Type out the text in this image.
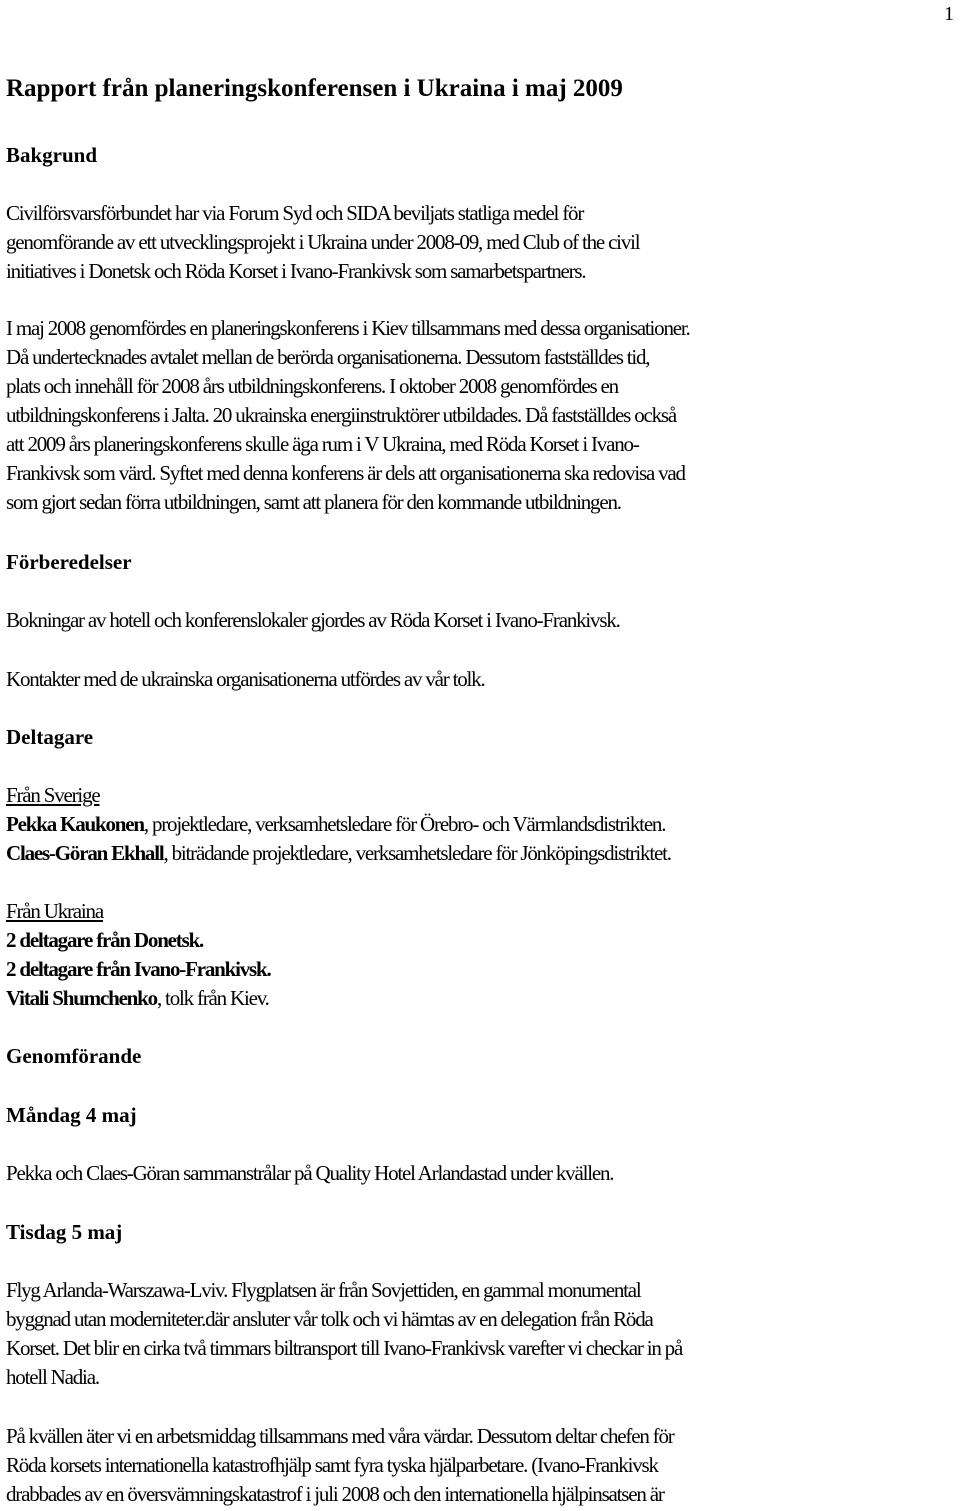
1
Rapport från planeringskonferensen i Ukraina i maj 2009
Bakgrund
Civilförsvarsförbundet har via Forum Syd och SIDA beviljats statliga medel för
genomförande av ett utvecklingsprojekt i Ukraina under 2008-09, med Club of the civil
initiatives i Donetsk och Röda Korset i Ivano-Frankivsk som samarbetspartners.
I maj 2008 genomfördes en planeringskonferens i Kiev tillsammans med dessa organisationer.
Då undertecknades avtalet mellan de berörda organisationerna. Dessutom fastställdes tid,
plats och innehåll för 2008 års utbildningskonferens. I oktober 2008 genomfördes en
utbildningskonferens i Jalta. 20 ukrainska energiinstruktörer utbildades. Då fastställdes också
att 2009 års planeringskonferens skulle äga rum i V Ukraina, med Röda Korset i Ivano-
Frankivsk som värd. Syftet med denna konferens är dels att organisationerna ska redovisa vad
som gjort sedan förra utbildningen, samt att planera för den kommande utbildningen.
Förberedelser
Bokningar av hotell och konferenslokaler gjordes av Röda Korset i Ivano-Frankivsk.
Kontakter med de ukrainska organisationerna utfördes av vår tolk.
Deltagare
Från Sverige
Pekka Kaukonen, projektledare, verksamhetsledare för Örebro- och Värmlandsdistrikten.
Claes-Göran Ekhall, biträdande projektledare, verksamhetsledare för Jönköpingsdistriktet.
Från Ukraina
2 deltagare från Donetsk.
2 deltagare från Ivano-Frankivsk.
Vitali Shumchenko, tolk från Kiev.
Genomförande
Måndag 4 maj
Pekka och Claes-Göran sammanstrålar på Quality Hotel Arlandastad under kvällen.
Tisdag 5 maj
Flyg Arlanda-Warszawa-Lviv. Flygplatsen är från Sovjettiden, en gammal monumental
byggnad utan moderniteter.där ansluter vår tolk och vi hämtas av en delegation från Röda
Korset. Det blir en cirka två timmars biltransport till Ivano-Frankivsk varefter vi checkar in på
hotell Nadia.
På kvällen äter vi en arbetsmiddag tillsammans med våra värdar. Dessutom deltar chefen för
Röda korsets internationella katastrofhjälp samt fyra tyska hjälparbetare. (Ivano-Frankivsk
drabbades av en översvämningskatastrof i juli 2008 och den internationella hjälpinsatsen är
